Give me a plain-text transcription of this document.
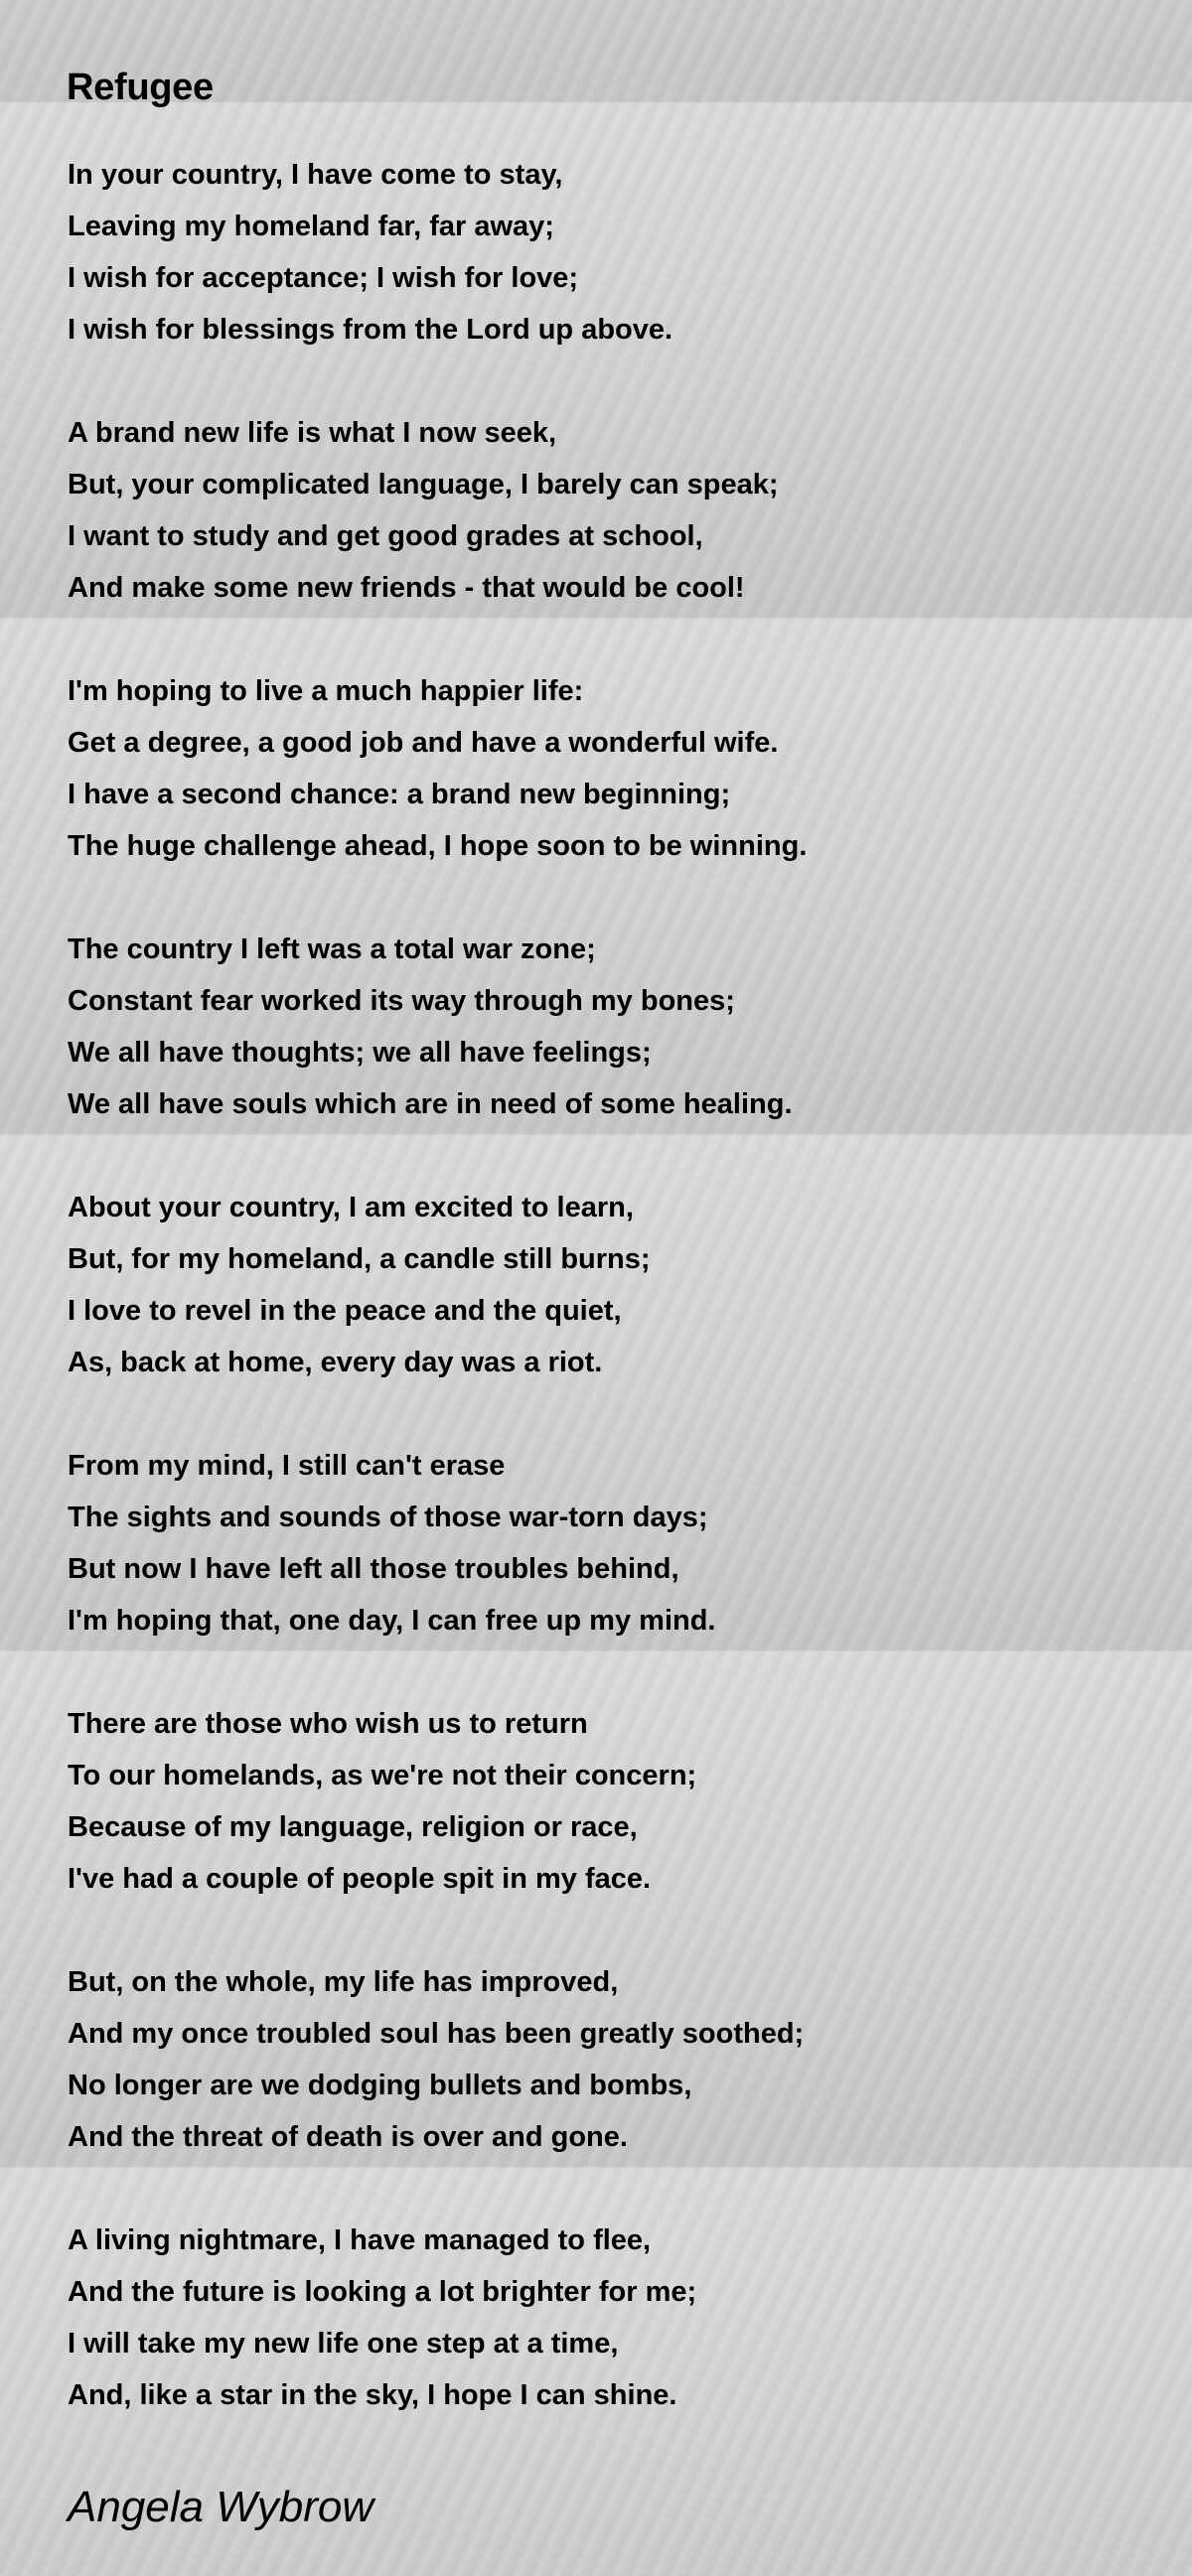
Refugee
In your country, I have come to stay,
Leaving my homeland far, far away;
I wish for acceptance; I wish for love;
I wish for blessings from the Lord up above.
A brand new life is what I now seek,
But, your complicated language, I barely can speak;
I want to study and get good grades at school,
And make some new friends - that would be cool!
I'm hoping to live a much happier life:
Get a degree, a good job and have a wonderful wife.
I have a second chance: a brand new beginning;
The huge challenge ahead, I hope soon to be winning.
The country I left was a total war zone;
Constant fear worked its way through my bones;
We all have thoughts; we all have feelings;
We all have souls which are in need of some healing.
About your country, I am excited to learn,
But, for my homeland, a candle still burns;
I love to revel in the peace and the quiet,
As, back at home, every day was a riot.
From my mind, I still can't erase
The sights and sounds of those war-torn days;
But now I have left all those troubles behind,
I'm hoping that, one day, I can free up my mind.
There are those who wish us to return
To our homelands, as we're not their concern;
Because of my language, religion or race,
I've had a couple of people spit in my face.
But, on the whole, my life has improved,
And my once troubled soul has been greatly soothed;
No longer are we dodging bullets and bombs,
And the threat of death is over and gone.
A living nightmare, I have managed to flee,
And the future is looking a lot brighter for me;
I will take my new life one step at a time,
And, like a star in the sky, I hope I can shine.
Angela Wybrow
